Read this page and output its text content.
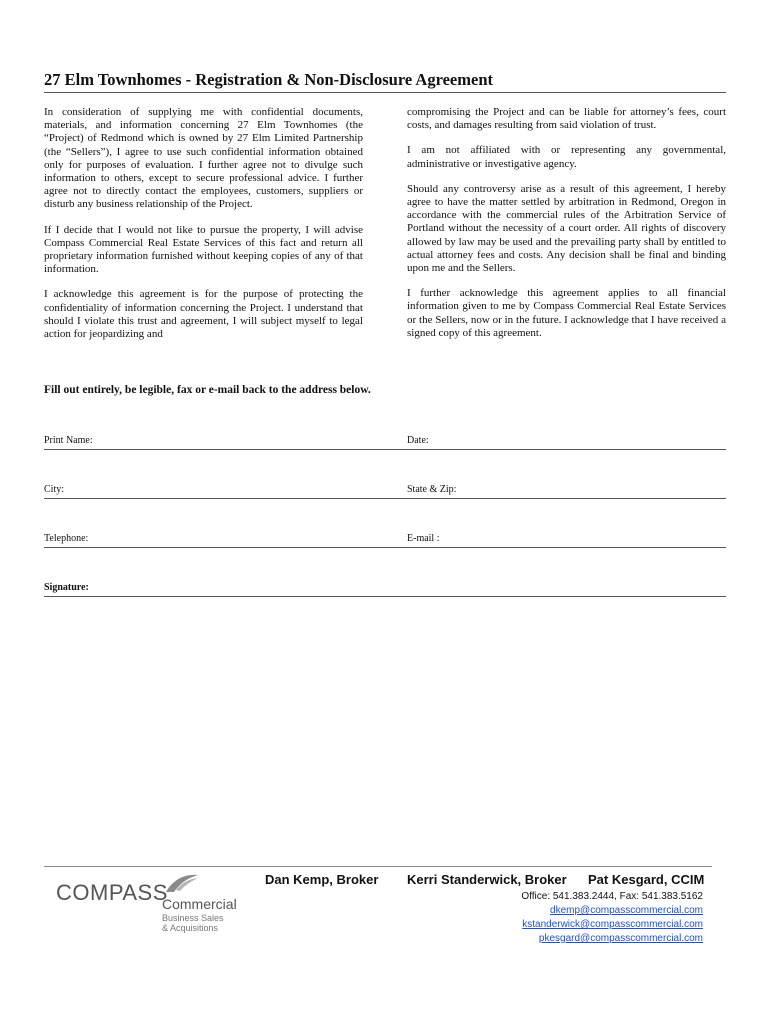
27 Elm Townhomes - Registration & Non-Disclosure Agreement

In consideration of supplying me with confidential documents, materials, and information concerning 27 Elm Townhomes (the “Project) of Redmond which is owned by 27 Elm Limited Partnership (the “Sellers”), I agree to use such confidential information obtained only for purposes of evaluation. I further agree not to divulge such information to others, except to secure professional advice. I further agree not to directly contact the employees, customers, suppliers or disturb any business relationship of the Project.

If I decide that I would not like to pursue the property, I will advise Compass Commercial Real Estate Services of this fact and return all proprietary information furnished without keeping copies of any of that information.

I acknowledge this agreement is for the purpose of protecting the confidentiality of information concerning the Project. I understand that should I violate this trust and agreement, I will subject myself to legal action for jeopardizing and

compromising the Project and can be liable for attorney’s fees, court costs, and damages resulting from said violation of trust.

I am not affiliated with or representing any governmental, administrative or investigative agency.

Should any controversy arise as a result of this agreement, I hereby agree to have the matter settled by arbitration in Redmond, Oregon in accordance with the commercial rules of the Arbitration Service of Portland without the necessity of a court order. All rights of discovery allowed by law may be used and the prevailing party shall by entitled to actual attorney fees and costs. Any decision shall be final and binding upon me and the Sellers.

I further acknowledge this agreement applies to all financial information given to me by Compass Commercial Real Estate Services or the Sellers, now or in the future. I acknowledge that I have received a signed copy of this agreement.

Fill out entirely, be legible, fax or e-mail back to the address below.
Print Name:	Date:
City:	State & Zip:
Telephone:	E-mail :
Signature:
COMPASS
Commercial
Business Sales
& Acquisitions
Dan Kemp, Broker Kerri Standerwick, Broker Pat Kesgard, CCIM
Office: 541.383.2444, Fax: 541.383.5162
dkemp@compasscommercial.com
kstanderwick@compasscommercial.com
pkesgard@compasscommercial.com
